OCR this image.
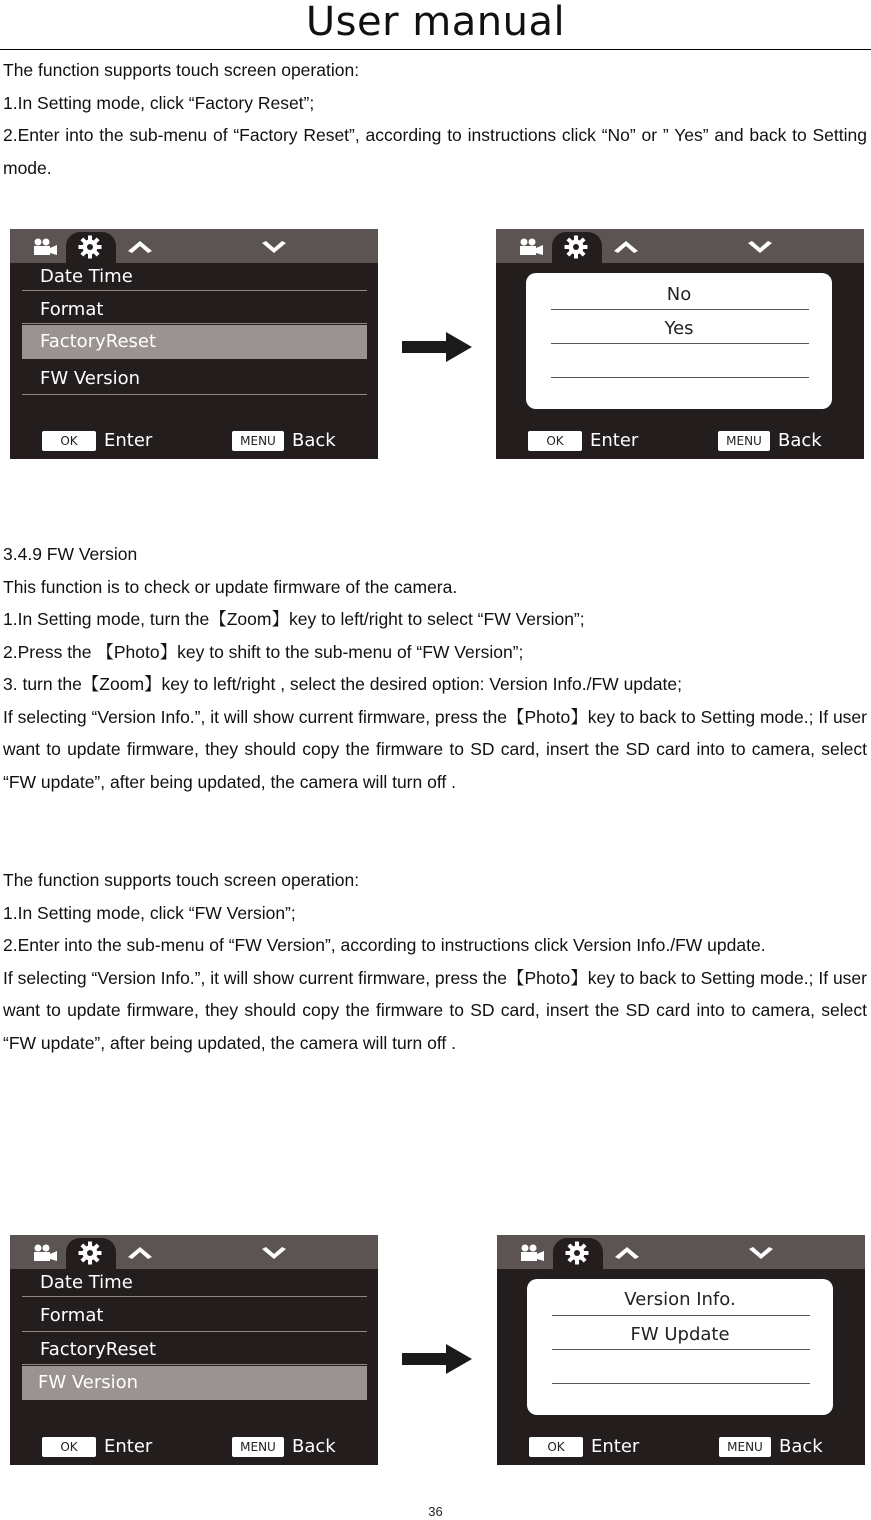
User manual

The function supports touch screen operation:

1.In Setting mode, click “Factory Reset”;

2.Enter into the sub-menu of “Factory Reset”, according to instructions click “No” or ” Yes” and back to Setting mode.

Date Time
Format
FactoryReset
FW Version
OK	Enter	MENU Back
No
Yes
OK	Enter	MENU Back

3.4.9 FW Version

This function is to check or update firmware of the camera.

1.In Setting mode, turn the【Zoom】key to left/right to select “FW Version”;

2.Press the 【Photo】key to shift to the sub-menu of “FW Version”;

3. turn the【Zoom】key to left/right , select the desired option: Version Info./FW update;

If selecting “Version Info.”, it will show current firmware, press the【Photo】key to back to Setting mode.; If user want to update firmware, they should copy the firmware to SD card, insert the SD card into to camera, select “FW update”, after being updated, the camera will turn off .

The function supports touch screen operation:

1.In Setting mode, click “FW Version”;

2.Enter into the sub-menu of “FW Version”, according to instructions click Version Info./FW update.

If selecting “Version Info.”, it will show current firmware, press the【Photo】key to back to Setting mode.; If user want to update firmware, they should copy the firmware to SD card, insert the SD card into to camera, select “FW update”, after being updated, the camera will turn off .

Date Time
Format
FactoryReset
FW Version
OK	Enter	MENU Back
Version Info.
FW Update
OK	Enter	MENU Back
36
